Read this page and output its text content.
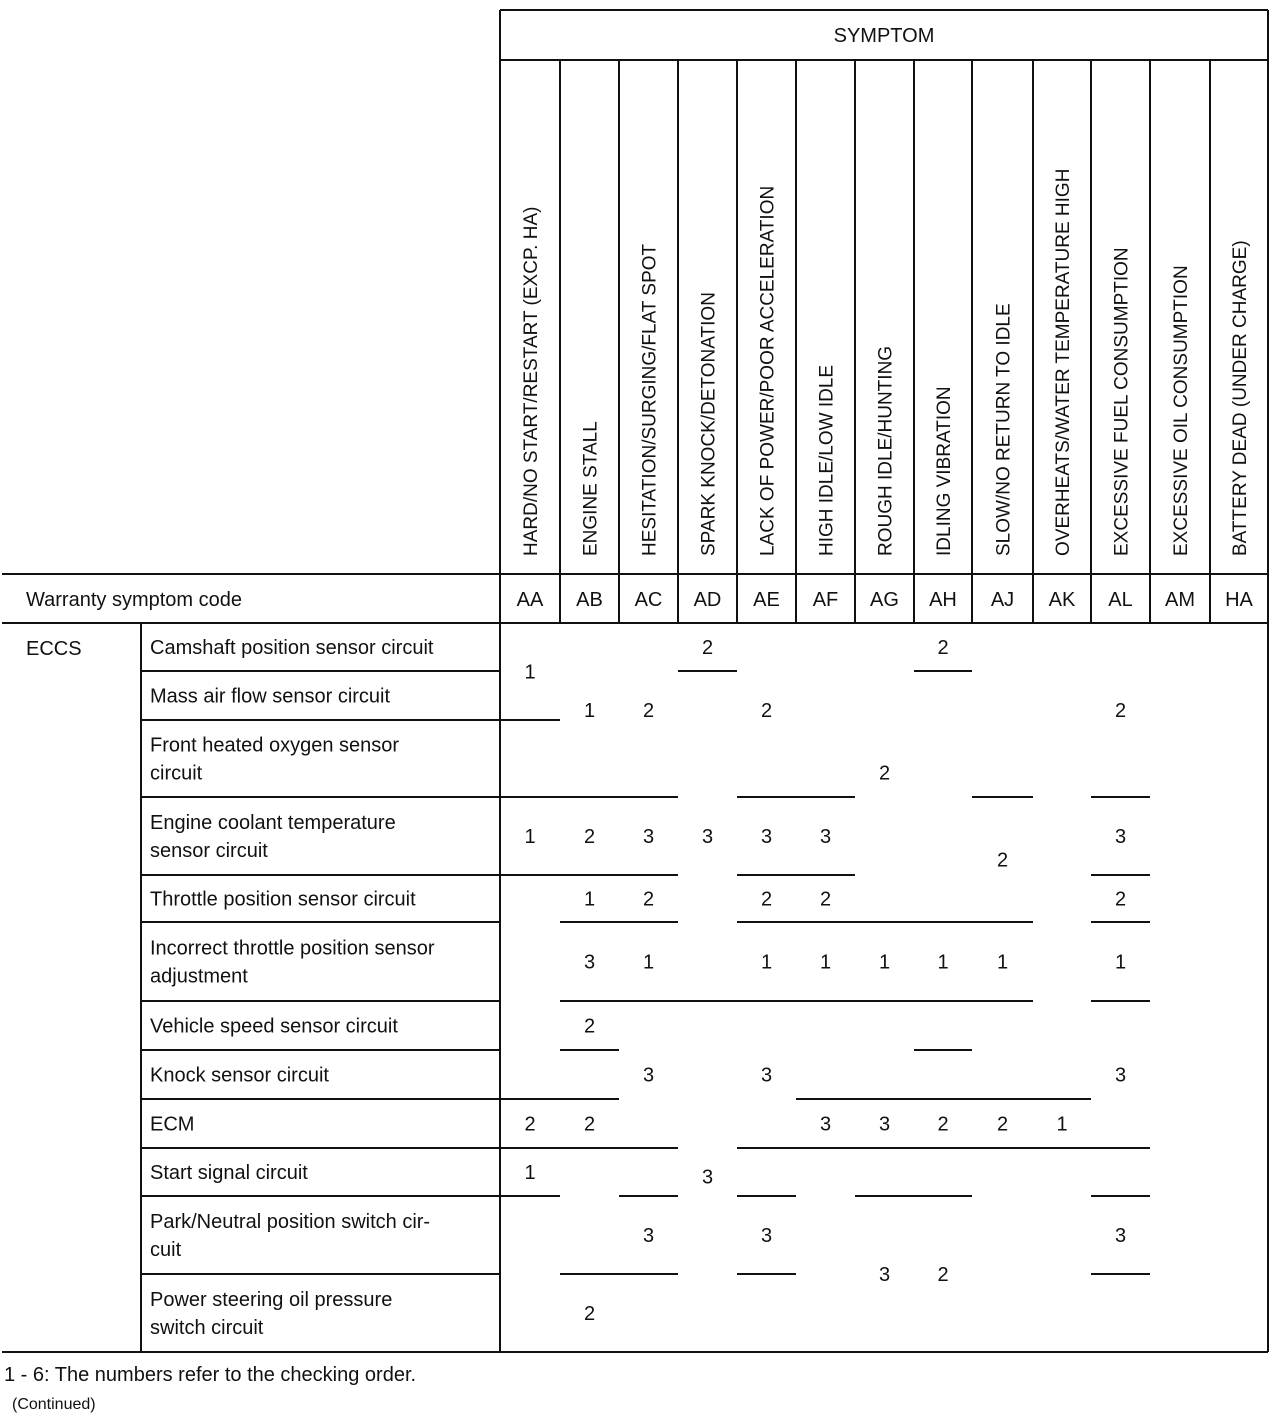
SYMPTOM
HARD/NO START/RESTART (EXCP. HA) ENGINE STALL HESITATION/SURGING/FLAT SPOT SPARK KNOCK/DETONATION LACK OF POWER/POOR ACCELERATION HIGH IDLE/LOW IDLE ROUGH IDLE/HUNTING IDLING VIBRATION SLOW/NO RETURN TO IDLE OVERHEATS/WATER TEMPERATURE HIGH EXCESSIVE FUEL CONSUMPTION EXCESSIVE OIL CONSUMPTION BATTERY DEAD (UNDER CHARGE)
Warranty symptom code	AA AB AC AD AE AF AG AH AJ AK AL AM HA
ECCS	Camshaft position sensor circuit
Mass air flow sensor circuit
Front heated oxygen sensor
circuit
Engine coolant temperature
sensor circuit
Throttle position sensor circuit
Incorrect throttle position sensor
adjustment
Vehicle speed sensor circuit
Knock sensor circuit
ECM
Start signal circuit
Park/Neutral position switch cir-
cuit
Power steering oil pressure
switch circuit
1
1
2
1
1
2
1
3
2
2
2
2
3
2
1
3
3
2
3
3
2
3
2
1
3
3
3
2
1
3
2
1
3
3
2
1
2
2
2
1
2 1
2
3
2
1
3
3
1 - 6: The numbers refer to the checking order.
(Continued)
